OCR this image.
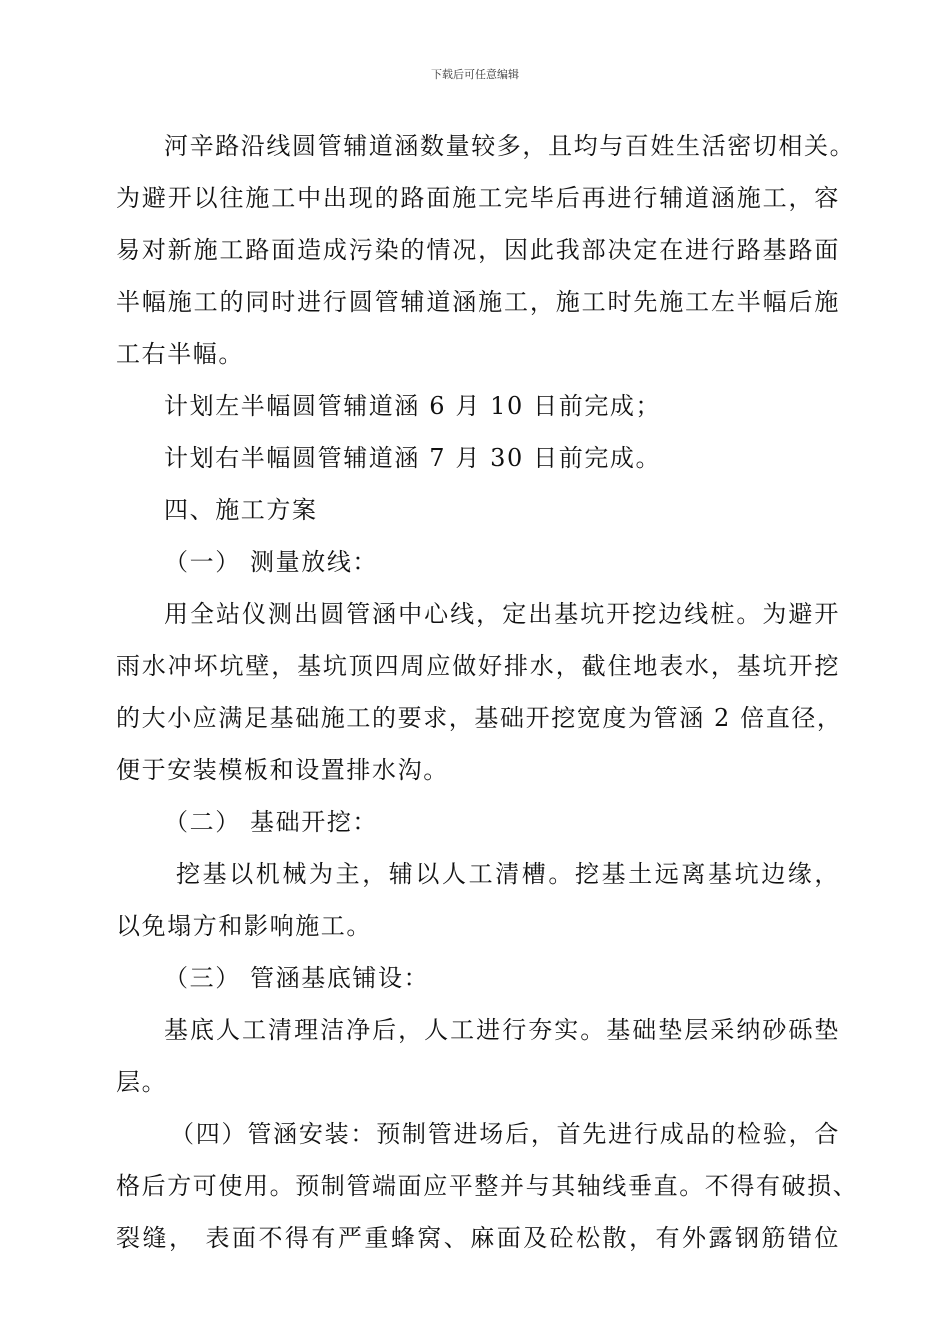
下载后可任意编辑
河辛路沿线圆管辅道涵数量较多，且均与百姓生活密切相关。
为避开以往施工中出现的路面施工完毕后再进行辅道涵施工，容
易对新施工路面造成污染的情况，因此我部决定在进行路基路面
半幅施工的同时进行圆管辅道涵施工，施工时先施工左半幅后施
工右半幅。
计划左半幅圆管辅道涵 6 月 10 日前完成；
计划右半幅圆管辅道涵 7 月 30 日前完成。
四、施工方案
（一） 测量放线：
用全站仪测出圆管涵中心线，定出基坑开挖边线桩。为避开
雨水冲坏坑壁，基坑顶四周应做好排水，截住地表水，基坑开挖
的大小应满足基础施工的要求，基础开挖宽度为管涵 2 倍直径，
便于安装模板和设置排水沟。
（二） 基础开挖：
挖基以机械为主，辅以人工清槽。挖基土远离基坑边缘，
以免塌方和影响施工。
（三） 管涵基底铺设：
基底人工清理洁净后，人工进行夯实。基础垫层采纳砂砾垫
层。
（四）管涵安装：预制管进场后，首先进行成品的检验，合
格后方可使用。预制管端面应平整并与其轴线垂直。不得有破损、
裂缝， 表面不得有严重蜂窝、麻面及砼松散，有外露钢筋错位
